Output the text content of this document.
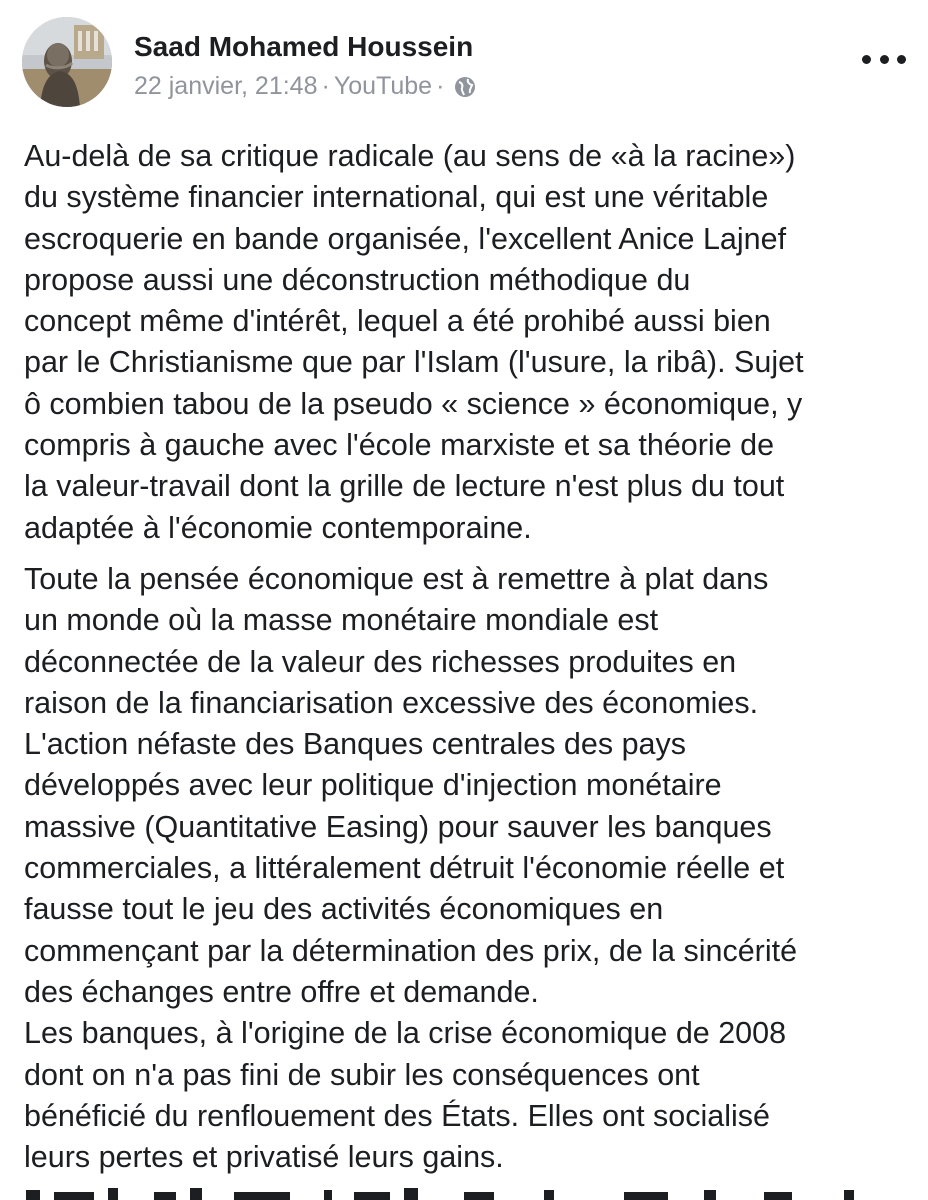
Saad Mohamed Houssein
22 janvier, 21:48 · YouTube ·

Au-delà de sa critique radicale (au sens de «à la racine»)
du système financier international, qui est une véritable
escroquerie en bande organisée, l'excellent Anice Lajnef
propose aussi une déconstruction méthodique du
concept même d'intérêt, lequel a été prohibé aussi bien
par le Christianisme que par l'Islam (l'usure, la ribâ). Sujet
ô combien tabou de la pseudo « science » économique, y
compris à gauche avec l'école marxiste et sa théorie de
la valeur-travail dont la grille de lecture n'est plus du tout
adaptée à l'économie contemporaine.

Toute la pensée économique est à remettre à plat dans
un monde où la masse monétaire mondiale est
déconnectée de la valeur des richesses produites en
raison de la financiarisation excessive des économies.
L'action néfaste des Banques centrales des pays
développés avec leur politique d'injection monétaire
massive (Quantitative Easing) pour sauver les banques
commerciales, a littéralement détruit l'économie réelle et
fausse tout le jeu des activités économiques en
commençant par la détermination des prix, de la sincérité
des échanges entre offre et demande.
Les banques, à l'origine de la crise économique de 2008
dont on n'a pas fini de subir les conséquences ont
bénéficié du renflouement des États. Elles ont socialisé
leurs pertes et privatisé leurs gains.
